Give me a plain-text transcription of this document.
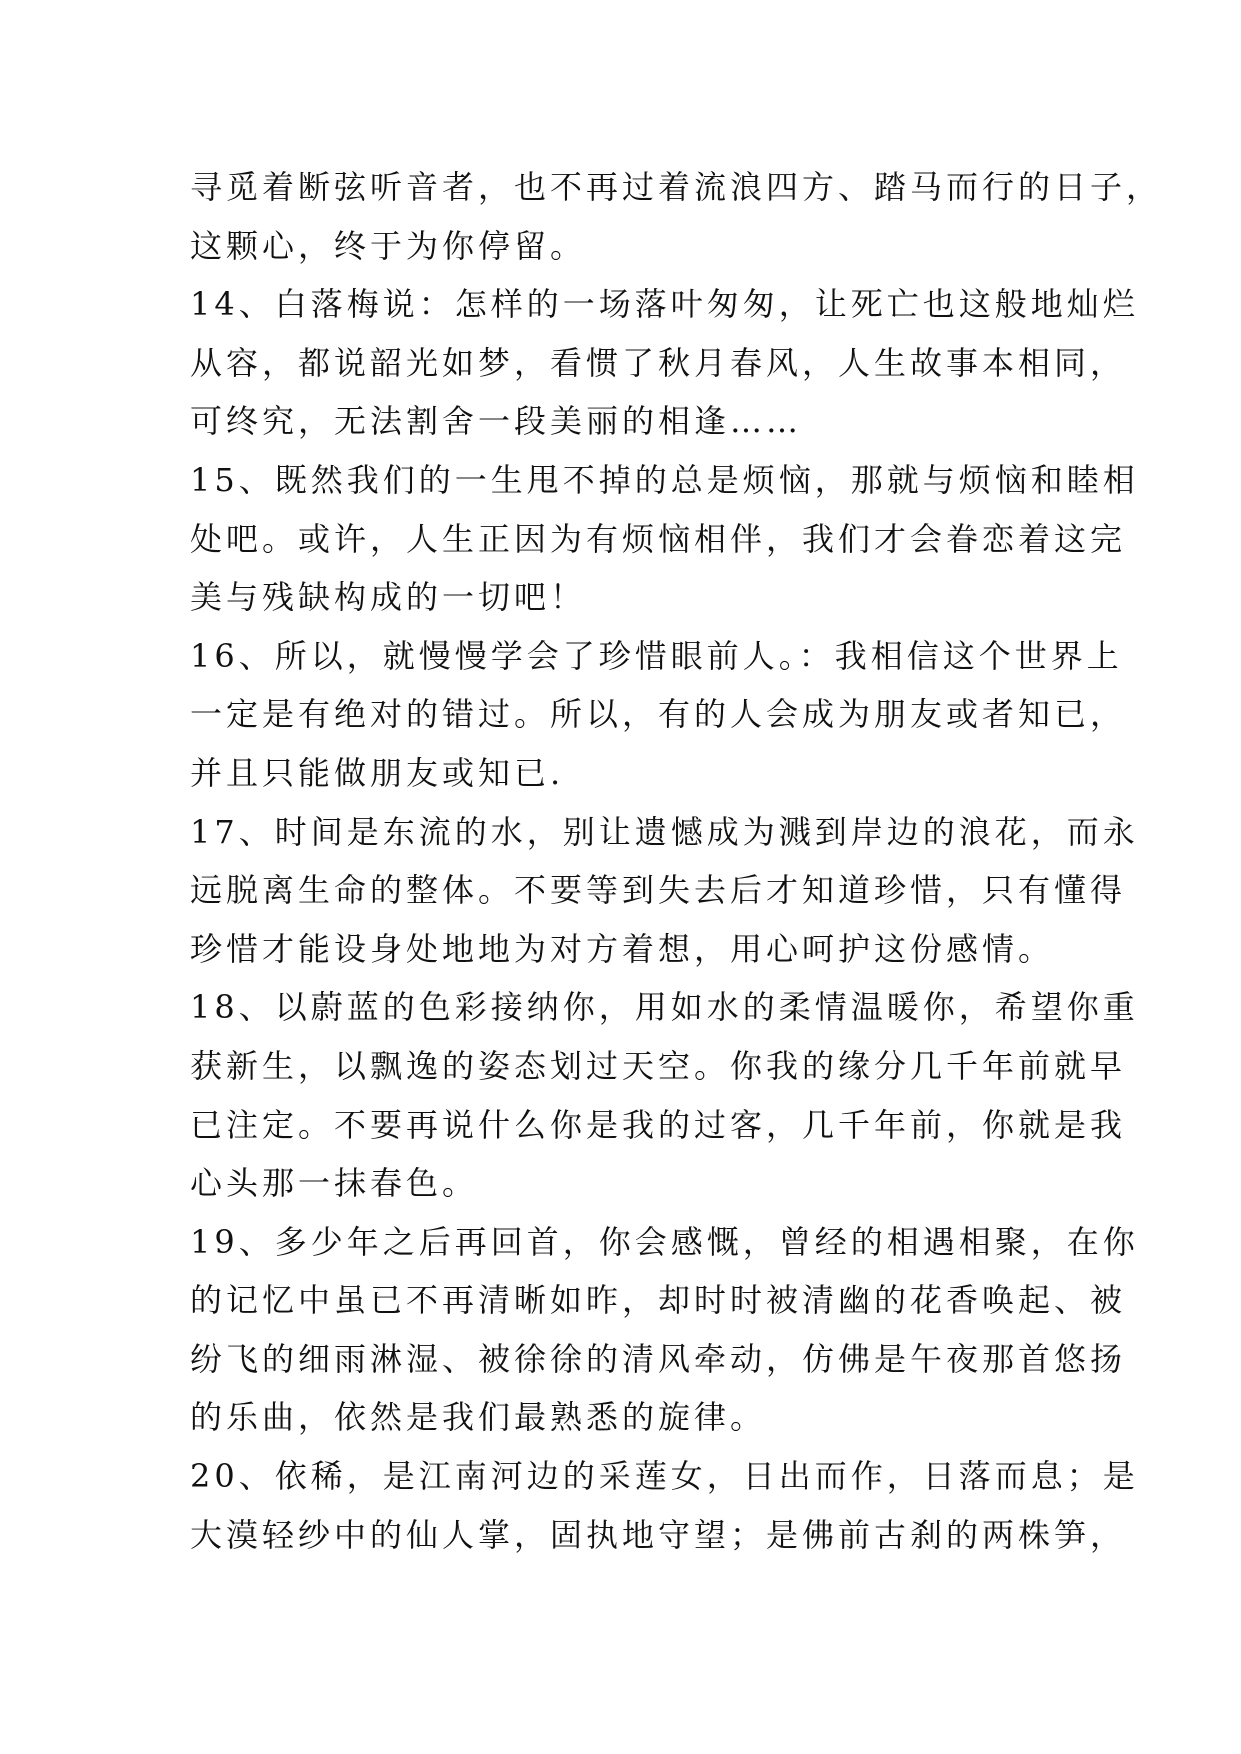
寻觅着断弦听音者，也不再过着流浪四方、踏马而行的日子，
这颗心，终于为你停留。
14、白落梅说：怎样的一场落叶匆匆，让死亡也这般地灿烂
从容，都说韶光如梦，看惯了秋月春风，人生故事本相同，
可终究，无法割舍一段美丽的相逢……
15、既然我们的一生甩不掉的总是烦恼，那就与烦恼和睦相
处吧。或许，人生正因为有烦恼相伴，我们才会眷恋着这完
美与残缺构成的一切吧！
16、所以，就慢慢学会了珍惜眼前人。：我相信这个世界上
一定是有绝对的错过。所以，有的人会成为朋友或者知已，
并且只能做朋友或知已.
17、时间是东流的水，别让遗憾成为溅到岸边的浪花，而永
远脱离生命的整体。不要等到失去后才知道珍惜，只有懂得
珍惜才能设身处地地为对方着想，用心呵护这份感情。
18、以蔚蓝的色彩接纳你，用如水的柔情温暖你，希望你重
获新生，以飘逸的姿态划过天空。你我的缘分几千年前就早
已注定。不要再说什么你是我的过客，几千年前，你就是我
心头那一抹春色。
19、多少年之后再回首，你会感慨，曾经的相遇相聚，在你
的记忆中虽已不再清晰如昨，却时时被清幽的花香唤起、被
纷飞的细雨淋湿、被徐徐的清风牵动，仿佛是午夜那首悠扬
的乐曲，依然是我们最熟悉的旋律。
20、依稀，是江南河边的采莲女，日出而作，日落而息；是
大漠轻纱中的仙人掌，固执地守望；是佛前古刹的两株笋，
